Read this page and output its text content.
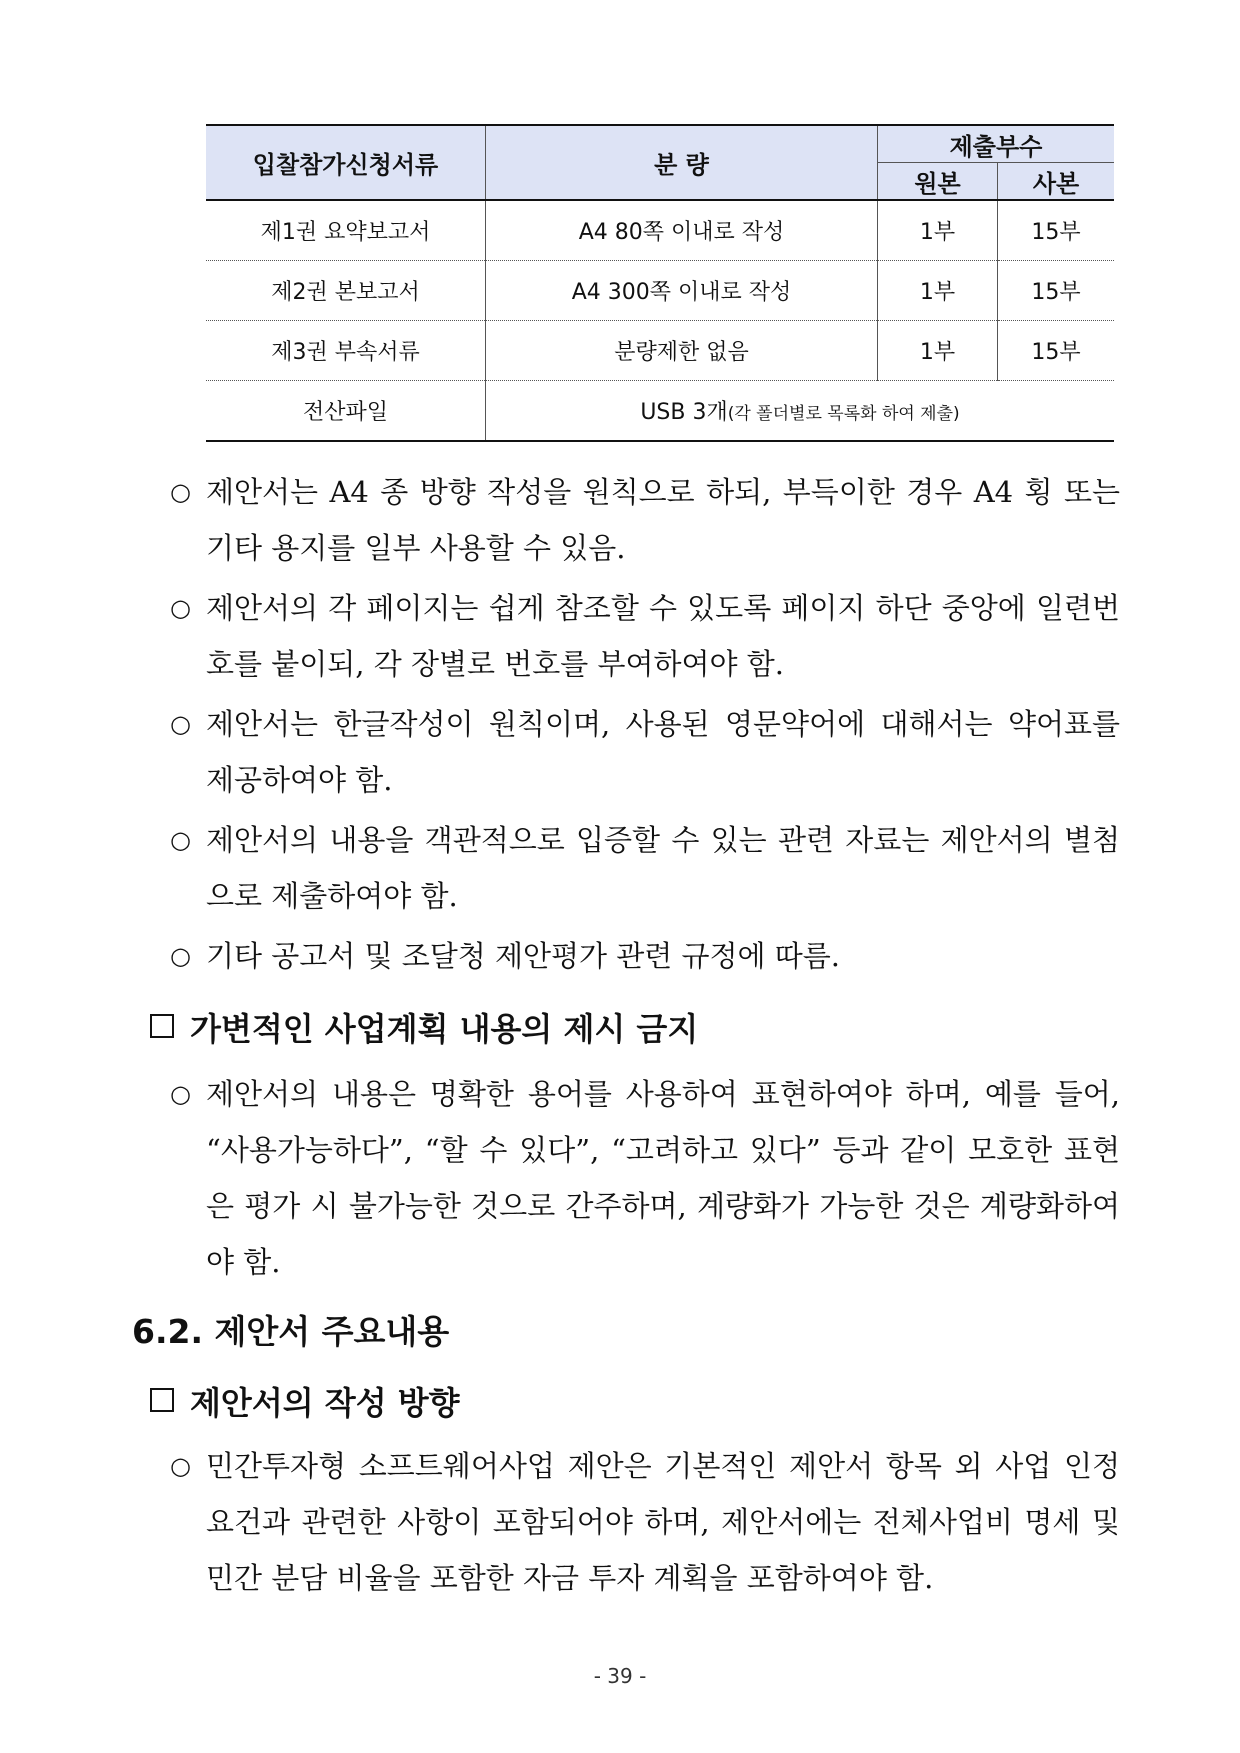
입찰참가신청서류	분 량	제출부수	
		원본	사본
제1권 요약보고서	A4 80쪽 이내로 작성	1부	15부
제2권 본보고서	A4 300쪽 이내로 작성	1부	15부
제3권 부속서류	분량제한 없음	1부	15부
전산파일	USB 3개(각 폴더별로 목록화 하여 제출)		
○ 제안서는 A4 종 방향 작성을 원칙으로 하되, 부득이한 경우 A4 횡 또는 기타 용지를 일부 사용할 수 있음.
○ 제안서의 각 페이지는 쉽게 참조할 수 있도록 페이지 하단 중앙에 일련번호를 붙이되, 각 장별로 번호를 부여하여야 함.
○ 제안서는 한글작성이 원칙이며, 사용된 영문약어에 대해서는 약어표를 제공하여야 함.
○ 제안서의 내용을 객관적으로 입증할 수 있는 관련 자료는 제안서의 별첨으로 제출하여야 함.
○ 기타 공고서 및 조달청 제안평가 관련 규정에 따름.
가변적인 사업계획 내용의 제시 금지
○ 제안서의 내용은 명확한 용어를 사용하여 표현하여야 하며, 예를 들어, “사용가능하다”, “할 수 있다”, “고려하고 있다” 등과 같이 모호한 표현은 평가 시 불가능한 것으로 간주하며, 계량화가 가능한 것은 계량화하여야 함.
6.2. 제안서 주요내용
제안서의 작성 방향
○ 민간투자형 소프트웨어사업 제안은 기본적인 제안서 항목 외 사업 인정 요건과 관련한 사항이 포함되어야 하며, 제안서에는 전체사업비 명세 및 민간 분담 비율을 포함한 자금 투자 계획을 포함하여야 함.
- 39 -
